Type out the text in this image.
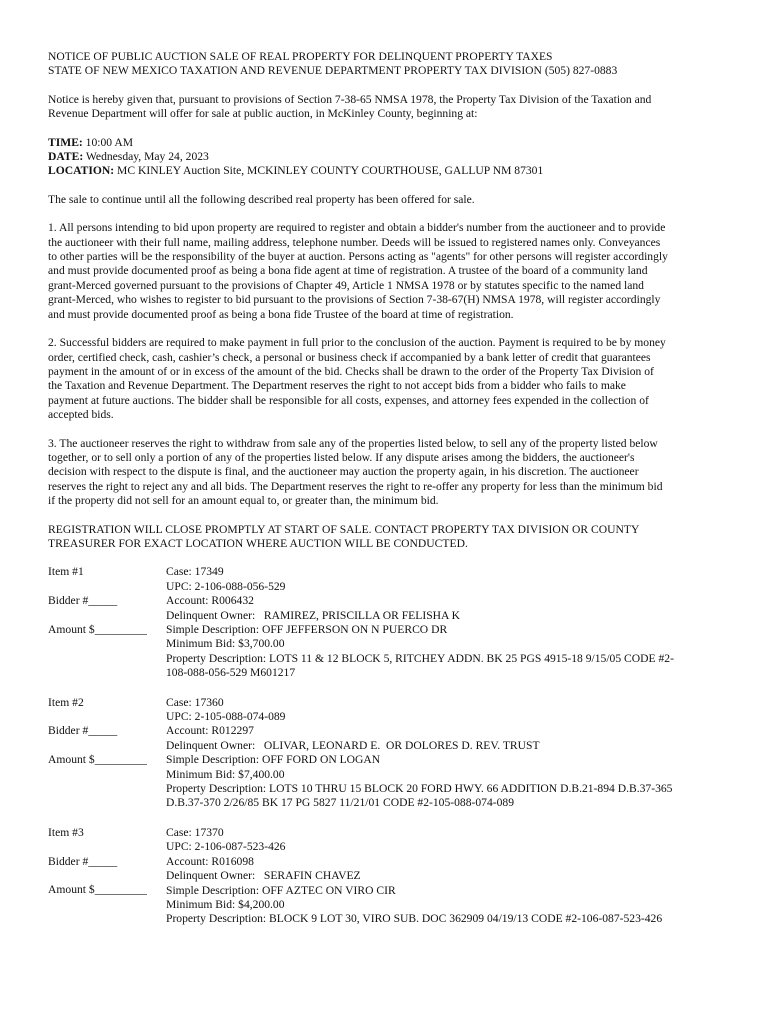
NOTICE OF PUBLIC AUCTION SALE OF REAL PROPERTY FOR DELINQUENT PROPERTY TAXES

STATE OF NEW MEXICO TAXATION AND REVENUE DEPARTMENT PROPERTY TAX DIVISION (505) 827-0883

Notice is hereby given that, pursuant to provisions of Section 7-38-65 NMSA 1978, the Property Tax Division of the Taxation and

Revenue Department will offer for sale at public auction, in McKinley County, beginning at:

TIME: 10:00 AM

DATE: Wednesday, May 24, 2023

LOCATION: MC KINLEY Auction Site, MCKINLEY COUNTY COURTHOUSE, GALLUP NM 87301

The sale to continue until all the following described real property has been offered for sale.

1. All persons intending to bid upon property are required to register and obtain a bidder's number from the auctioneer and to provide

the auctioneer with their full name, mailing address, telephone number. Deeds will be issued to registered names only. Conveyances

to other parties will be the responsibility of the buyer at auction. Persons acting as "agents" for other persons will register accordingly

and must provide documented proof as being a bona fide agent at time of registration. A trustee of the board of a community land

grant-Merced governed pursuant to the provisions of Chapter 49, Article 1 NMSA 1978 or by statutes specific to the named land

grant-Merced, who wishes to register to bid pursuant to the provisions of Section 7-38-67(H) NMSA 1978, will register accordingly

and must provide documented proof as being a bona fide Trustee of the board at time of registration.

2. Successful bidders are required to make payment in full prior to the conclusion of the auction. Payment is required to be by money

order, certified check, cash, cashier’s check, a personal or business check if accompanied by a bank letter of credit that guarantees

payment in the amount of or in excess of the amount of the bid. Checks shall be drawn to the order of the Property Tax Division of

the Taxation and Revenue Department. The Department reserves the right to not accept bids from a bidder who fails to make

payment at future auctions. The bidder shall be responsible for all costs, expenses, and attorney fees expended in the collection of

accepted bids.

3. The auctioneer reserves the right to withdraw from sale any of the properties listed below, to sell any of the property listed below

together, or to sell only a portion of any of the properties listed below. If any dispute arises among the bidders, the auctioneer's

decision with respect to the dispute is final, and the auctioneer may auction the property again, in his discretion. The auctioneer

reserves the right to reject any and all bids. The Department reserves the right to re-offer any property for less than the minimum bid

if the property did not sell for an amount equal to, or greater than, the minimum bid.

REGISTRATION WILL CLOSE PROMPTLY AT START OF SALE. CONTACT PROPERTY TAX DIVISION OR COUNTY

TREASURER FOR EXACT LOCATION WHERE AUCTION WILL BE CONDUCTED.

Item #1
Bidder #_____
Amount $_________
Case: 17349
UPC: 2-106-088-056-529
Account: R006432
Delinquent Owner:   RAMIREZ, PRISCILLA OR FELISHA K
Simple Description: OFF JEFFERSON ON N PUERCO DR
Minimum Bid: $3,700.00
Property Description: LOTS 11 & 12 BLOCK 5, RITCHEY ADDN. BK 25 PGS 4915-18 9/15/05 CODE #2-
108-088-056-529 M601217
Item #2
Bidder #_____
Amount $_________
Case: 17360
UPC: 2-105-088-074-089
Account: R012297
Delinquent Owner:   OLIVAR, LEONARD E.  OR DOLORES D. REV. TRUST
Simple Description: OFF FORD ON LOGAN
Minimum Bid: $7,400.00
Property Description: LOTS 10 THRU 15 BLOCK 20 FORD HWY. 66 ADDITION D.B.21-894 D.B.37-365
D.B.37-370 2/26/85 BK 17 PG 5827 11/21/01 CODE #2-105-088-074-089
Item #3
Bidder #_____
Amount $_________
Case: 17370
UPC: 2-106-087-523-426
Account: R016098
Delinquent Owner:   SERAFIN CHAVEZ
Simple Description: OFF AZTEC ON VIRO CIR
Minimum Bid: $4,200.00
Property Description: BLOCK 9 LOT 30, VIRO SUB. DOC 362909 04/19/13 CODE #2-106-087-523-426
